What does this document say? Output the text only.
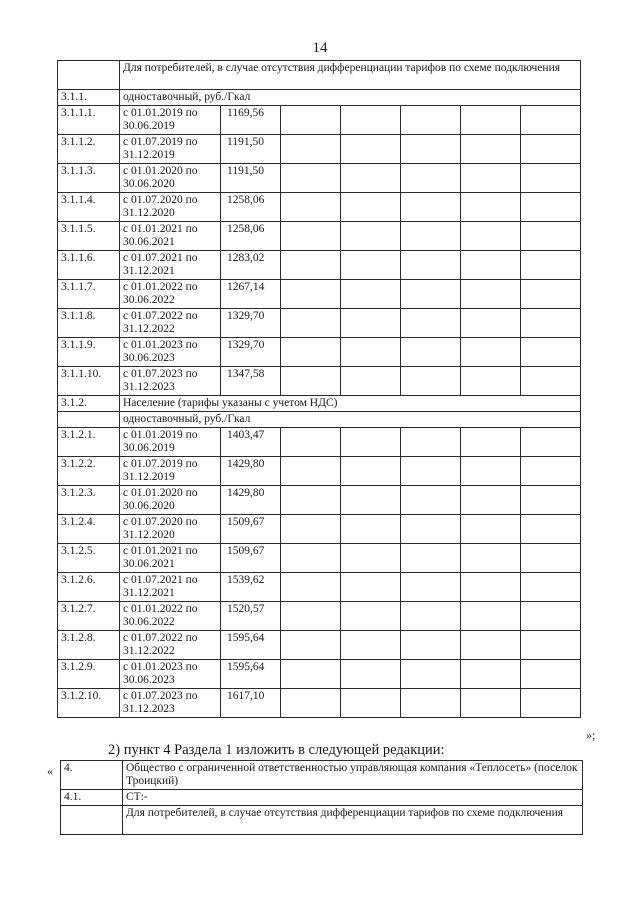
14
	Для потребителей, в случае отсутствия дифференциации тарифов по схеме подключения						
3.1.1.	одноставочный, руб./Гкал						
3.1.1.1.	с 01.01.2019 по 30.06.2019	1169,56					
3.1.1.2.	с 01.07.2019 по 31.12.2019	1191,50					
3.1.1.3.	с 01.01.2020 по 30.06.2020	1191,50					
3.1.1.4.	с 01.07.2020 по 31.12.2020	1258,06					
3.1.1.5.	с 01.01.2021 по 30.06.2021	1258,06					
3.1.1.6.	с 01.07.2021 по 31.12.2021	1283,02					
3.1.1.7.	с 01.01.2022 по 30.06.2022	1267,14					
3.1.1.8.	с 01.07.2022 по 31.12.2022	1329,70					
3.1.1.9.	с 01.01.2023 по 30.06.2023	1329,70					
3.1.1.10.	с 01.07.2023 по 31.12.2023	1347,58					
3.1.2.	Население (тарифы указаны с учетом НДС)						
	одноставочный, руб./Гкал						
3.1.2.1.	с 01.01.2019 по 30.06.2019	1403,47					
3.1.2.2.	с 01.07.2019 по 31.12.2019	1429,80					
3.1.2.3.	с 01.01.2020 по 30.06.2020	1429,80					
3.1.2.4.	с 01.07.2020 по 31.12.2020	1509,67					
3.1.2.5.	с 01.01.2021 по 30.06.2021	1509,67					
3.1.2.6.	с 01.07.2021 по 31.12.2021	1539,62					
3.1.2.7.	с 01.01.2022 по 30.06.2022	1520,57					
3.1.2.8.	с 01.07.2022 по 31.12.2022	1595,64					
3.1.2.9.	с 01.01.2023 по 30.06.2023	1595,64					
3.1.2.10.	с 01.07.2023 по 31.12.2023	1617,10					
»;
2) пункт 4 Раздела 1 изложить в следующей редакции:
« 4.	Общество с ограниченной ответственностью управляющая компания «Теплосеть» (поселок Троицкий)
4.1.	СТ:-
	Для потребителей, в случае отсутствия дифференциации тарифов по схеме подключения
